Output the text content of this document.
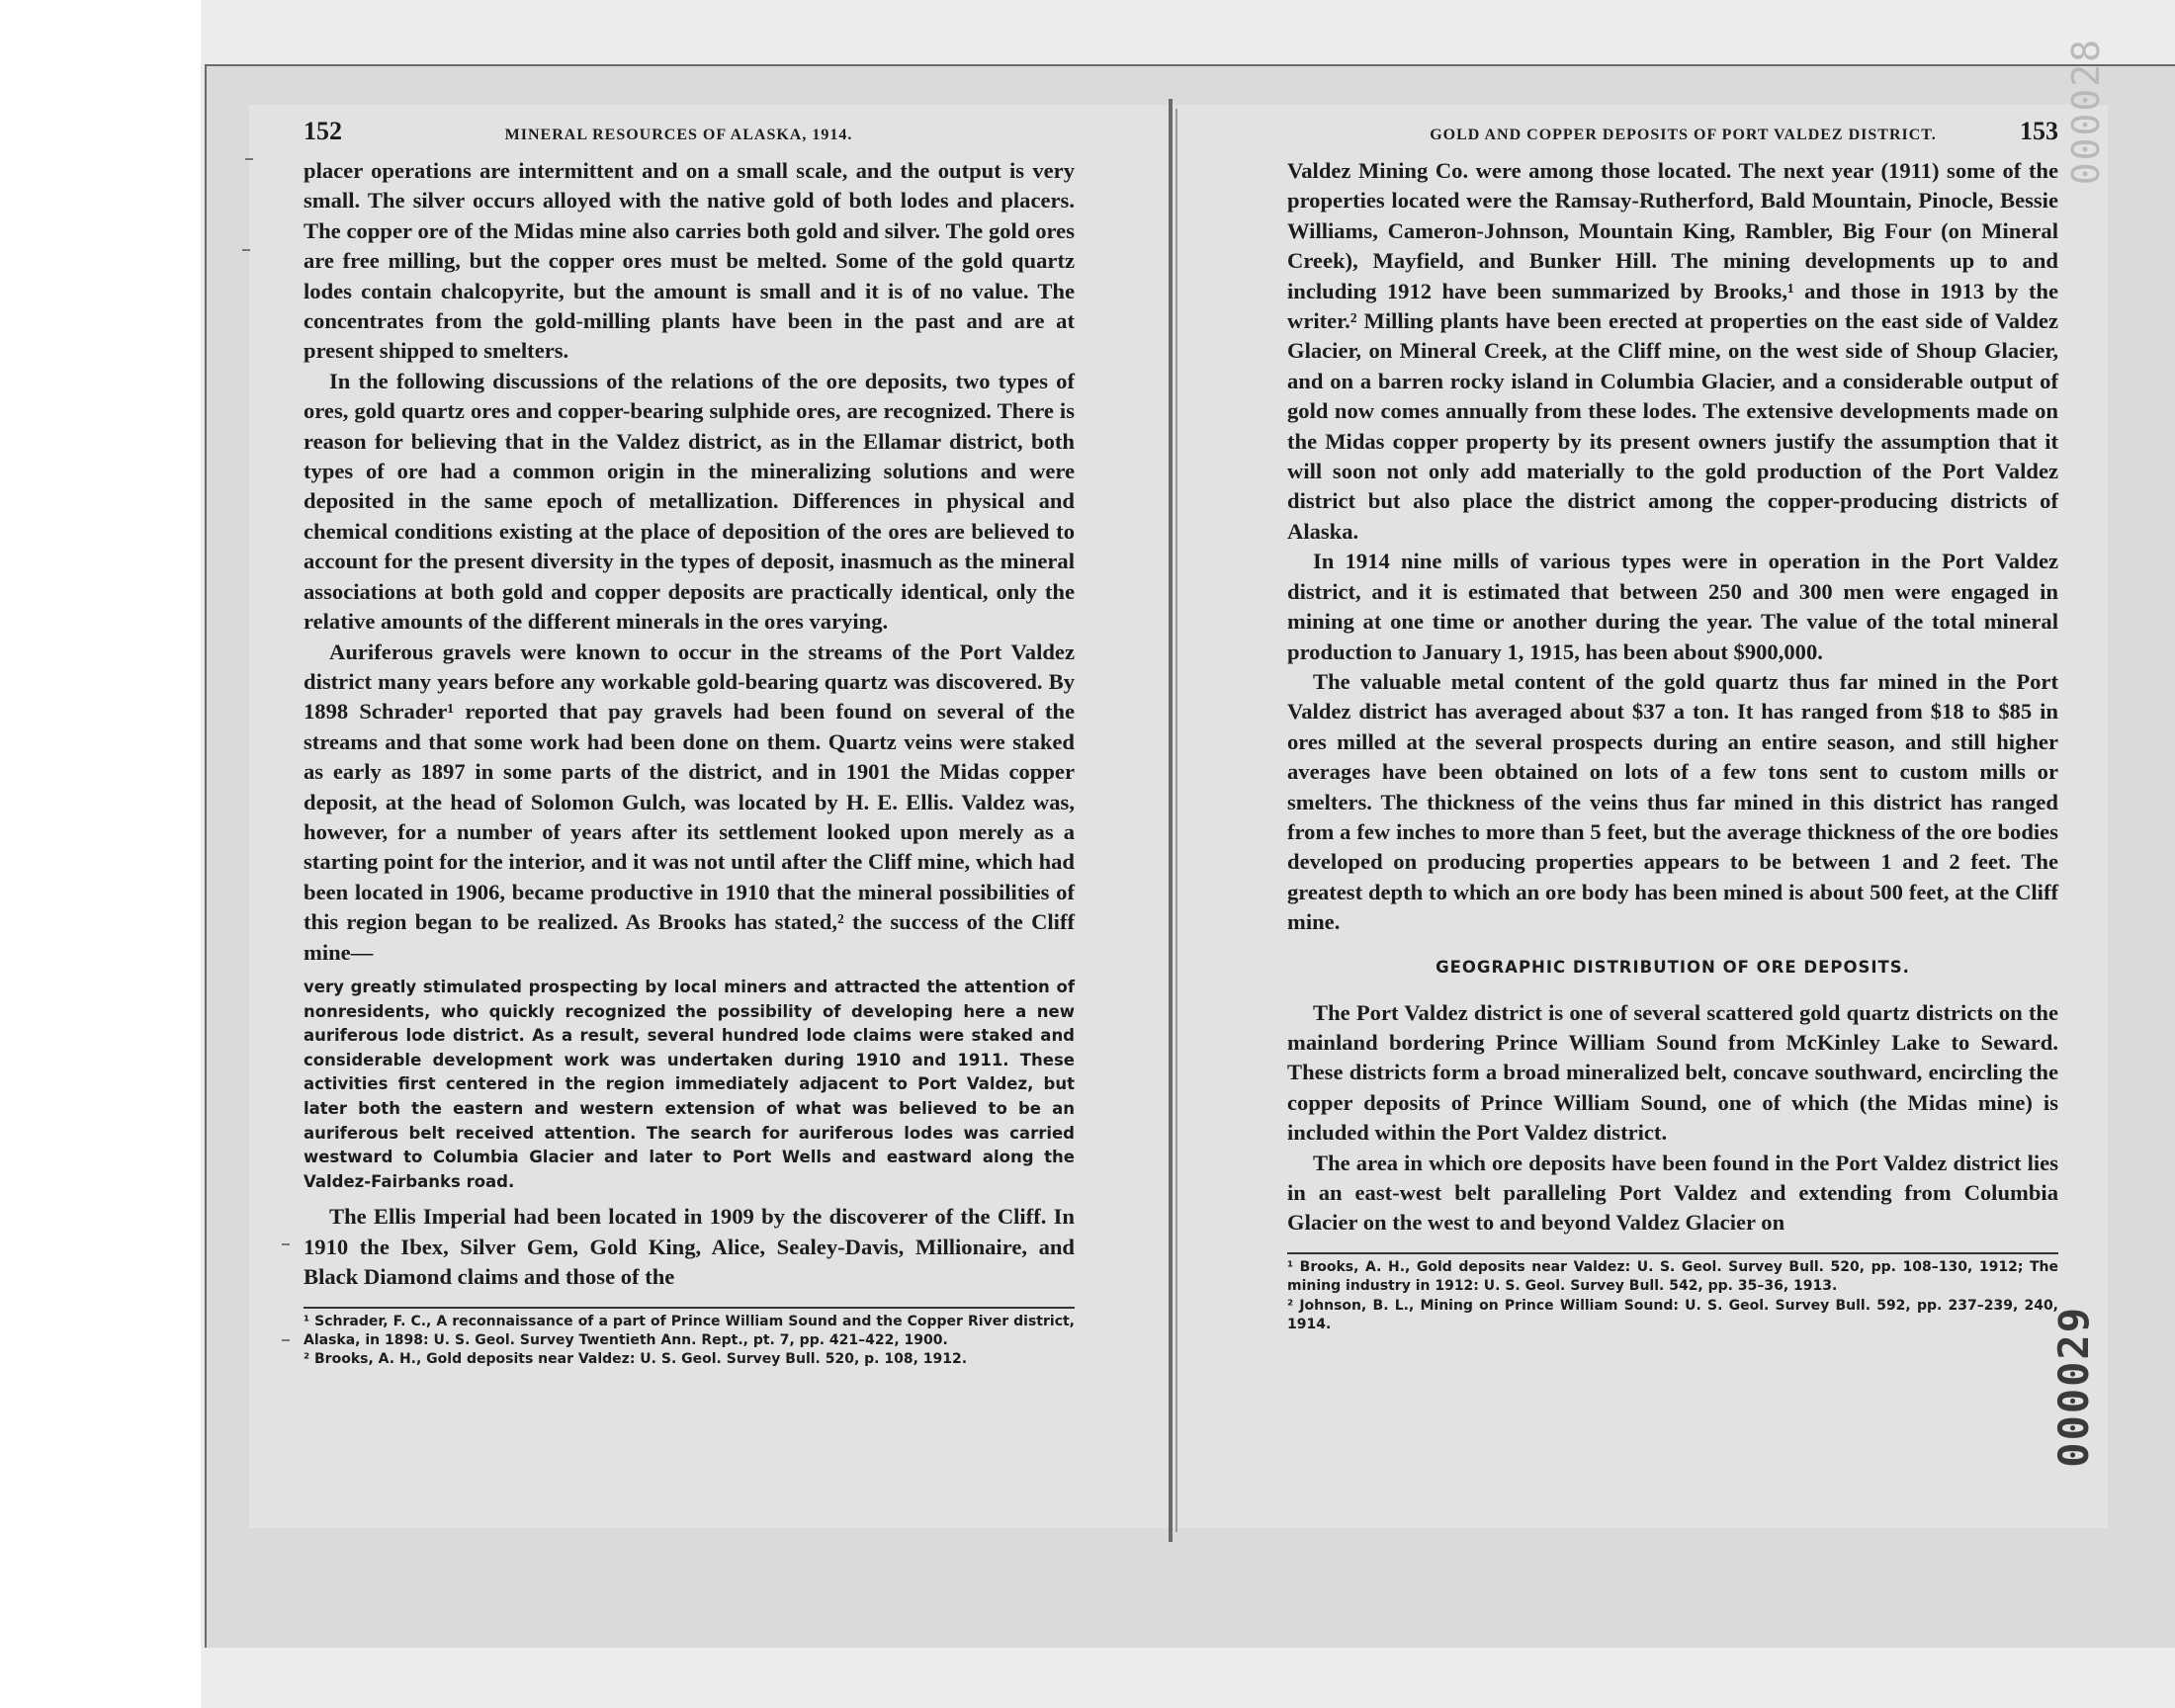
000028
000029
152	MINERAL RESOURCES OF ALASKA, 1914.

placer operations are intermittent and on a small scale, and the output is very small. The silver occurs alloyed with the native gold of both lodes and placers. The copper ore of the Midas mine also carries both gold and silver. The gold ores are free milling, but the copper ores must be melted. Some of the gold quartz lodes contain chalcopyrite, but the amount is small and it is of no value. The concentrates from the gold-milling plants have been in the past and are at present shipped to smelters.

In the following discussions of the relations of the ore deposits, two types of ores, gold quartz ores and copper-bearing sulphide ores, are recognized. There is reason for believing that in the Valdez district, as in the Ellamar district, both types of ore had a common origin in the mineralizing solutions and were deposited in the same epoch of metallization. Differences in physical and chemical conditions existing at the place of deposition of the ores are believed to account for the present diversity in the types of deposit, inasmuch as the mineral associations at both gold and copper deposits are practically identical, only the relative amounts of the different minerals in the ores varying.

Auriferous gravels were known to occur in the streams of the Port Valdez district many years before any workable gold-bearing quartz was discovered. By 1898 Schrader¹ reported that pay gravels had been found on several of the streams and that some work had been done on them. Quartz veins were staked as early as 1897 in some parts of the district, and in 1901 the Midas copper deposit, at the head of Solomon Gulch, was located by H. E. Ellis. Valdez was, however, for a number of years after its settlement looked upon merely as a starting point for the interior, and it was not until after the Cliff mine, which had been located in 1906, became productive in 1910 that the mineral possibilities of this region began to be realized. As Brooks has stated,² the success of the Cliff mine—

very greatly stimulated prospecting by local miners and attracted the attention of nonresidents, who quickly recognized the possibility of developing here a new auriferous lode district. As a result, several hundred lode claims were staked and considerable development work was undertaken during 1910 and 1911. These activities first centered in the region immediately adjacent to Port Valdez, but later both the eastern and western extension of what was believed to be an auriferous belt received attention. The search for auriferous lodes was carried westward to Columbia Glacier and later to Port Wells and eastward along the Valdez-Fairbanks road.

The Ellis Imperial had been located in 1909 by the discoverer of the Cliff. In 1910 the Ibex, Silver Gem, Gold King, Alice, Sealey-Davis, Millionaire, and Black Diamond claims and those of the

¹ Schrader, F. C., A reconnaissance of a part of Prince William Sound and the Copper River district, Alaska, in 1898: U. S. Geol. Survey Twentieth Ann. Rept., pt. 7, pp. 421–422, 1900.

² Brooks, A. H., Gold deposits near Valdez: U. S. Geol. Survey Bull. 520, p. 108, 1912.

GOLD AND COPPER DEPOSITS OF PORT VALDEZ DISTRICT.	153

Valdez Mining Co. were among those located. The next year (1911) some of the properties located were the Ramsay-Rutherford, Bald Mountain, Pinocle, Bessie Williams, Cameron-Johnson, Mountain King, Rambler, Big Four (on Mineral Creek), Mayfield, and Bunker Hill. The mining developments up to and including 1912 have been summarized by Brooks,¹ and those in 1913 by the writer.² Milling plants have been erected at properties on the east side of Valdez Glacier, on Mineral Creek, at the Cliff mine, on the west side of Shoup Glacier, and on a barren rocky island in Columbia Glacier, and a considerable output of gold now comes annually from these lodes. The extensive developments made on the Midas copper property by its present owners justify the assumption that it will soon not only add materially to the gold production of the Port Valdez district but also place the district among the copper-producing districts of Alaska.

In 1914 nine mills of various types were in operation in the Port Valdez district, and it is estimated that between 250 and 300 men were engaged in mining at one time or another during the year. The value of the total mineral production to January 1, 1915, has been about $900,000.

The valuable metal content of the gold quartz thus far mined in the Port Valdez district has averaged about $37 a ton. It has ranged from $18 to $85 in ores milled at the several prospects during an entire season, and still higher averages have been obtained on lots of a few tons sent to custom mills or smelters. The thickness of the veins thus far mined in this district has ranged from a few inches to more than 5 feet, but the average thickness of the ore bodies developed on producing properties appears to be between 1 and 2 feet. The greatest depth to which an ore body has been mined is about 500 feet, at the Cliff mine.

GEOGRAPHIC DISTRIBUTION OF ORE DEPOSITS.

The Port Valdez district is one of several scattered gold quartz districts on the mainland bordering Prince William Sound from McKinley Lake to Seward. These districts form a broad mineralized belt, concave southward, encircling the copper deposits of Prince William Sound, one of which (the Midas mine) is included within the Port Valdez district.

The area in which ore deposits have been found in the Port Valdez district lies in an east-west belt paralleling Port Valdez and extending from Columbia Glacier on the west to and beyond Valdez Glacier on

¹ Brooks, A. H., Gold deposits near Valdez: U. S. Geol. Survey Bull. 520, pp. 108–130, 1912; The mining industry in 1912: U. S. Geol. Survey Bull. 542, pp. 35–36, 1913.

² Johnson, B. L., Mining on Prince William Sound: U. S. Geol. Survey Bull. 592, pp. 237–239, 240, 1914.
